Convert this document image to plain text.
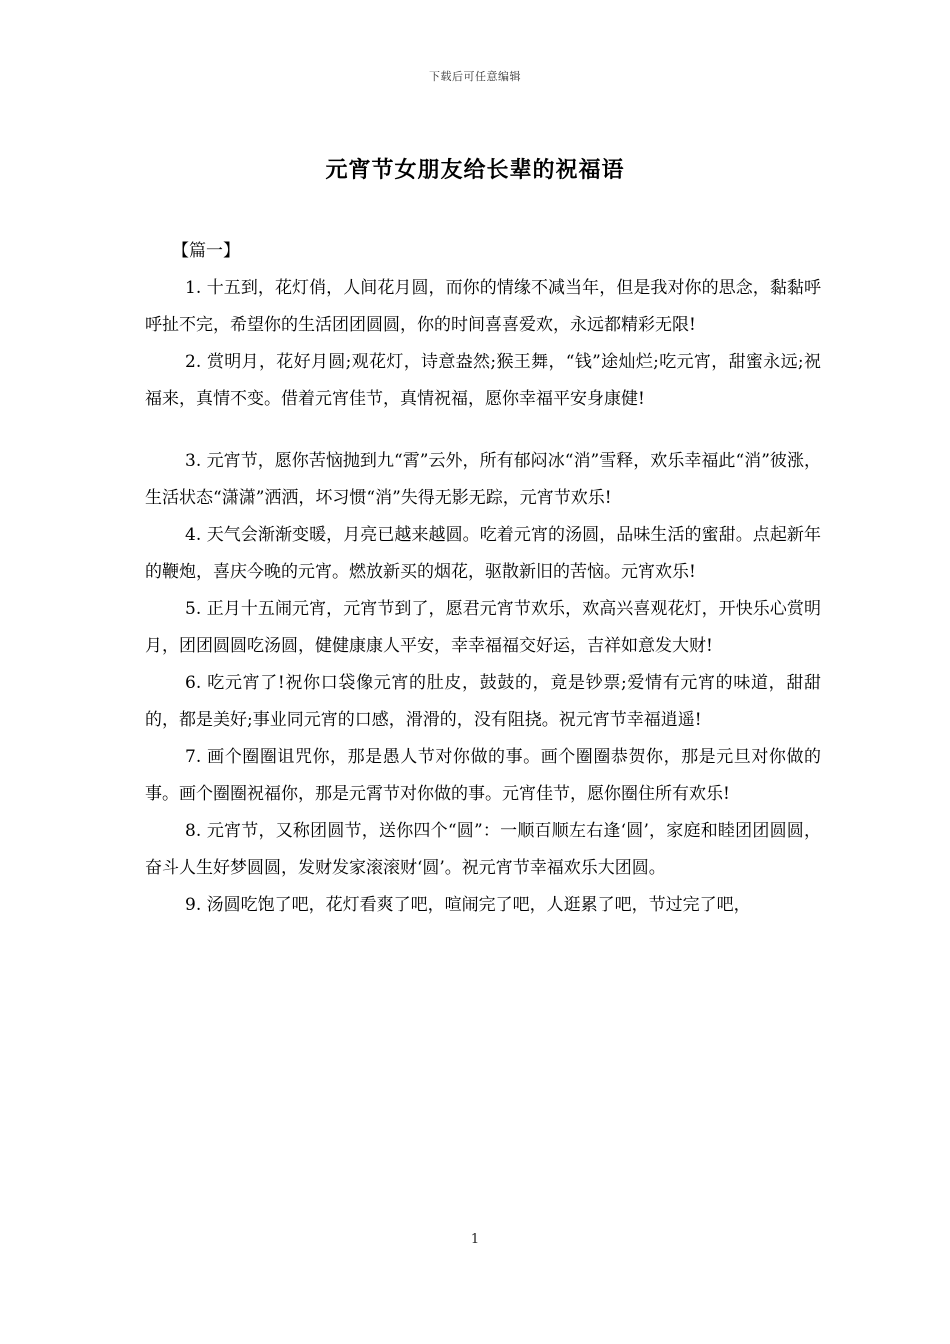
下载后可任意编辑
元宵节女朋友给长辈的祝福语
【篇一】

1. 十五到，花灯俏，人间花月圆，而你的情缘不减当年，但是我对你的思念，黏黏呼呼扯不完，希望你的生活团团圆圆，你的时间喜喜爱欢，永远都精彩无限!

2. 赏明月，花好月圆;观花灯，诗意盎然;猴王舞，“钱”途灿烂;吃元宵，甜蜜永远;祝福来，真情不变。借着元宵佳节，真情祝福，愿你幸福平安身康健!

3. 元宵节，愿你苦恼抛到九“霄”云外，所有郁闷冰“消”雪释，欢乐幸福此“消”彼涨，生活状态“潇潇”洒洒，坏习惯“消”失得无影无踪，元宵节欢乐!

4. 天气会渐渐变暖，月亮已越来越圆。吃着元宵的汤圆，品味生活的蜜甜。点起新年的鞭炮，喜庆今晚的元宵。燃放新买的烟花，驱散新旧的苦恼。元宵欢乐!

5. 正月十五闹元宵，元宵节到了，愿君元宵节欢乐，欢高兴喜观花灯，开快乐心赏明月，团团圆圆吃汤圆，健健康康人平安，幸幸福福交好运，吉祥如意发大财!

6. 吃元宵了!祝你口袋像元宵的肚皮，鼓鼓的，竟是钞票;爱情有元宵的味道，甜甜的，都是美好;事业同元宵的口感，滑滑的，没有阻挠。祝元宵节幸福逍遥!

7. 画个圈圈诅咒你，那是愚人节对你做的事。画个圈圈恭贺你，那是元旦对你做的事。画个圈圈祝福你，那是元霄节对你做的事。元宵佳节，愿你圈住所有欢乐!

8. 元宵节，又称团圆节，送你四个“圆”：一顺百顺左右逢‘圆’，家庭和睦团团圆圆，奋斗人生好梦圆圆，发财发家滚滚财‘圆’。祝元宵节幸福欢乐大团圆。

9. 汤圆吃饱了吧，花灯看爽了吧，喧闹完了吧，人逛累了吧，节过完了吧，

1
